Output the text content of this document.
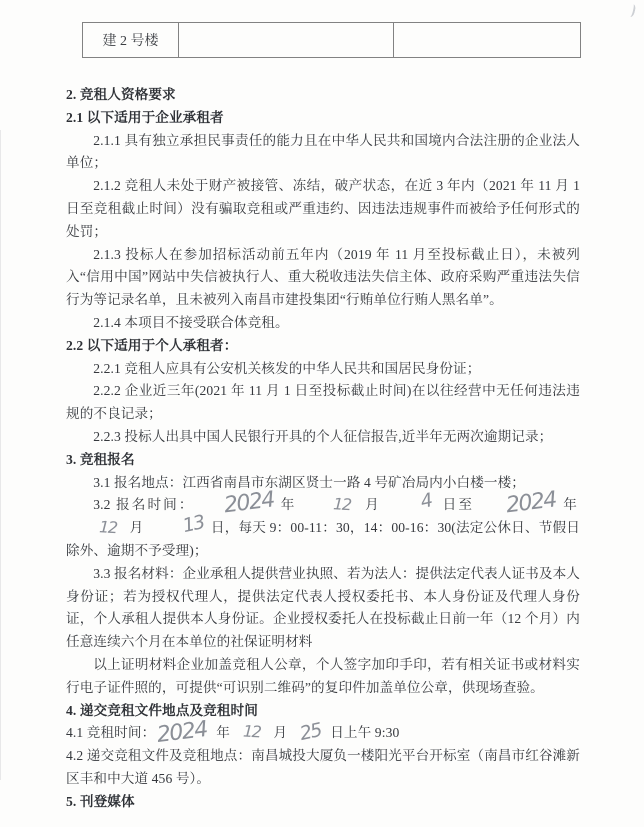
建 2 号楼		

2. 竞租人资格要求

2.1 以下适用于企业承租者

2.1.1 具有独立承担民事责任的能力且在中华人民共和国境内合法注册的企业法人单位；

2.1.2 竞租人未处于财产被接管、冻结，破产状态，在近 3 年内（2021 年 11 月 1 日至竞租截止时间）没有骗取竞租或严重违约、因违法违规事件而被给予任何形式的处罚；

2.1.3 投标人在参加招标活动前五年内（2019 年 11 月至投标截止日），未被列入“信用中国”网站中失信被执行人、重大税收违法失信主体、政府采购严重违法失信行为等记录名单，且未被列入南昌市建投集团“行贿单位行贿人黑名单”。

2.1.4 本项目不接受联合体竞租。

2.2 以下适用于个人承租者：

2.2.1 竞租人应具有公安机关核发的中华人民共和国居民身份证；

2.2.2 企业近三年(2021 年 11 月 1 日至投标截止时间)在以往经营中无任何违法违规的不良记录；

2.2.3 投标人出具中国人民银行开具的个人征信报告,近半年无两次逾期记录；

3. 竞租报名

3.1 报名地点：江西省南昌市东湖区贤士一路 4 号矿冶局内小白楼一楼；

3.2 报名时间： 2024 年 12 月 4 日至 2024 年12 月 13 日，每天 9：00-11：30，14：00-16：30(法定公休日、节假日除外、逾期不予受理)；

3.3 报名材料：企业承租人提供营业执照、若为法人：提供法定代表人证书及本人身份证；若为授权代理人，提供法定代表人授权委托书、本人身份证及代理人身份证，个人承租人提供本人身份证。企业授权委托人在投标截止日前一年（12 个月）内任意连续六个月在本单位的社保证明材料

以上证明材料企业加盖竞租人公章，个人签字加印手印，若有相关证书或材料实行电子证件照的，可提供“可识别二维码”的复印件加盖单位公章，供现场查验。

4. 递交竞租文件地点及竞租时间

4.1 竞租时间：2024 年 12 月 25 日上午 9:30

4.2 递交竞租文件及竞租地点：南昌城投大厦负一楼阳光平台开标室（南昌市红谷滩新区丰和中大道 456 号）。

5. 刊登媒体
